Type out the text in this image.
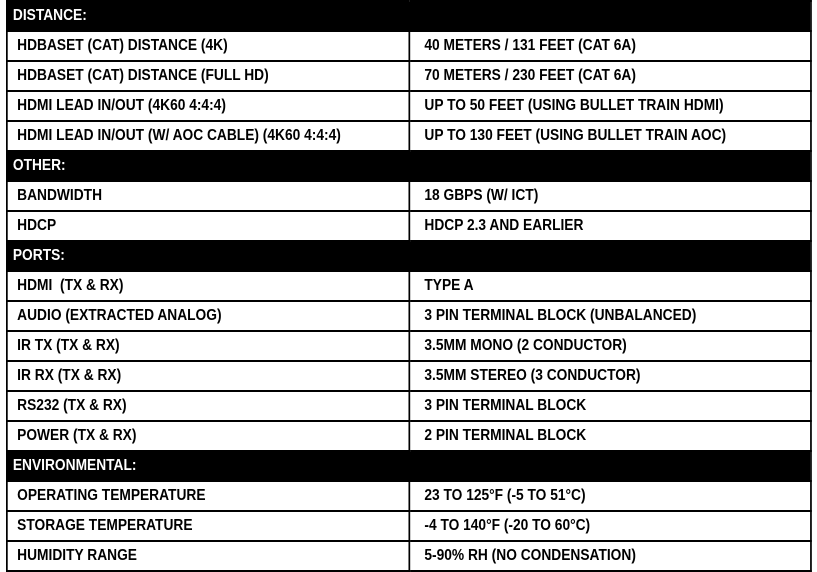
DISTANCE:	
HDBASET (CAT) DISTANCE (4K)	40 METERS / 131 FEET (CAT 6A)
HDBASET (CAT) DISTANCE (FULL HD)	70 METERS / 230 FEET (CAT 6A)
HDMI LEAD IN/OUT (4K60 4:4:4)	UP TO 50 FEET (USING BULLET TRAIN HDMI)
HDMI LEAD IN/OUT (W/ AOC CABLE) (4K60 4:4:4)	UP TO 130 FEET (USING BULLET TRAIN AOC)
OTHER:	
BANDWIDTH	18 GBPS (W/ ICT)
HDCP	HDCP 2.3 AND EARLIER
PORTS:	
HDMI  (TX & RX)	TYPE A
AUDIO (EXTRACTED ANALOG)	3 PIN TERMINAL BLOCK (UNBALANCED)
IR TX (TX & RX)	3.5MM MONO (2 CONDUCTOR)
IR RX (TX & RX)	3.5MM STEREO (3 CONDUCTOR)
RS232 (TX & RX)	3 PIN TERMINAL BLOCK
POWER (TX & RX)	2 PIN TERMINAL BLOCK
ENVIRONMENTAL:	
OPERATING TEMPERATURE	23 TO 125°F (-5 TO 51°C)
STORAGE TEMPERATURE	-4 TO 140°F (-20 TO 60°C)
HUMIDITY RANGE	5-90% RH (NO CONDENSATION)
